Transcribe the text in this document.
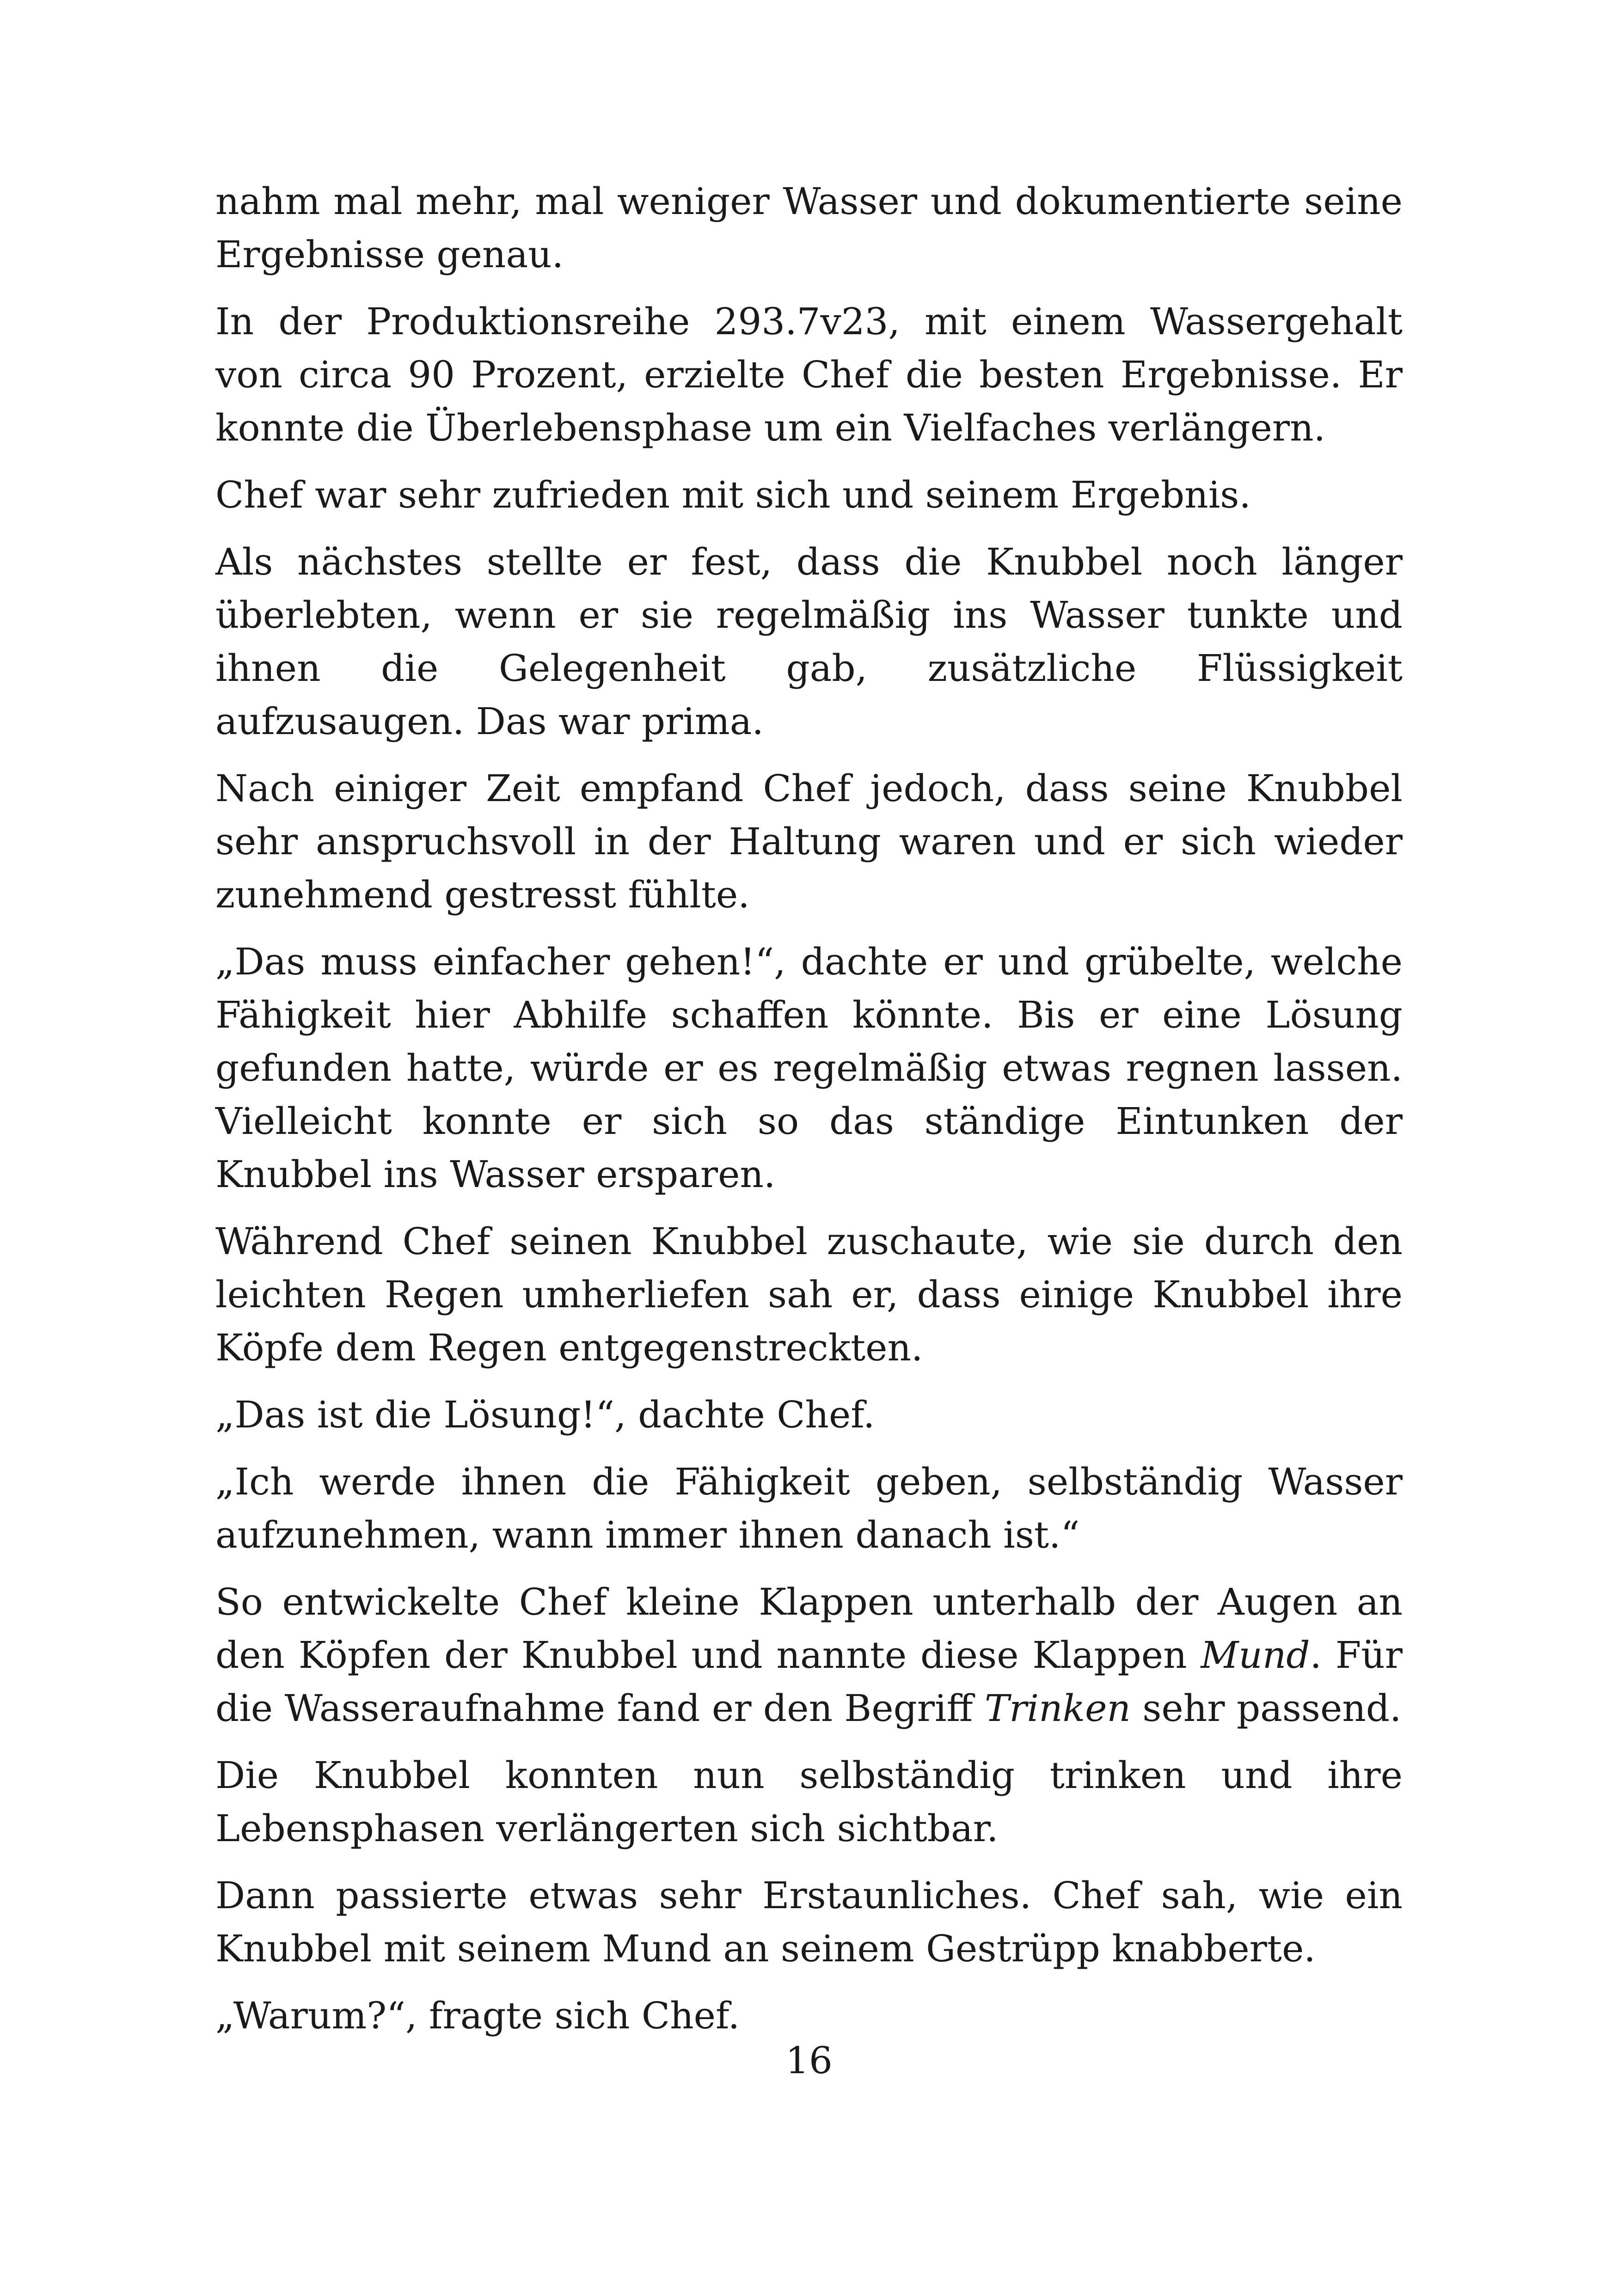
nahm mal mehr, mal weniger Wasser und dokumentierte seine Ergebnisse genau.

In der Produktionsreihe 293.7v23, mit einem Wassergehalt von circa 90 Prozent, erzielte Chef die besten Ergebnisse. Er konnte die Überlebensphase um ein Vielfaches verlängern.

Chef war sehr zufrieden mit sich und seinem Ergebnis.

Als nächstes stellte er fest, dass die Knubbel noch länger überlebten, wenn er sie regelmäßig ins Wasser tunkte und ihnen die Gelegenheit gab, zusätzliche Flüssigkeit aufzusaugen. Das war prima.

Nach einiger Zeit empfand Chef jedoch, dass seine Knubbel sehr anspruchsvoll in der Haltung waren und er sich wieder zunehmend gestresst fühlte.

„Das muss einfacher gehen!“, dachte er und grübelte, welche Fähigkeit hier Abhilfe schaffen könnte. Bis er eine Lösung gefunden hatte, würde er es regelmäßig etwas regnen lassen. Vielleicht konnte er sich so das ständige Eintunken der Knubbel ins Wasser ersparen.

Während Chef seinen Knubbel zuschaute, wie sie durch den leichten Regen umherliefen sah er, dass einige Knubbel ihre Köpfe dem Regen entgegenstreckten.

„Das ist die Lösung!“, dachte Chef.

„Ich werde ihnen die Fähigkeit geben, selbständig Wasser aufzunehmen, wann immer ihnen danach ist.“

So entwickelte Chef kleine Klappen unterhalb der Augen an den Köpfen der Knubbel und nannte diese Klappen Mund. Für die Wasseraufnahme fand er den Begriff Trinken sehr passend.

Die Knubbel konnten nun selbständig trinken und ihre Lebensphasen verlängerten sich sichtbar.

Dann passierte etwas sehr Erstaunliches. Chef sah, wie ein Knubbel mit seinem Mund an seinem Gestrüpp knabberte.

„Warum?“, fragte sich Chef.

16
